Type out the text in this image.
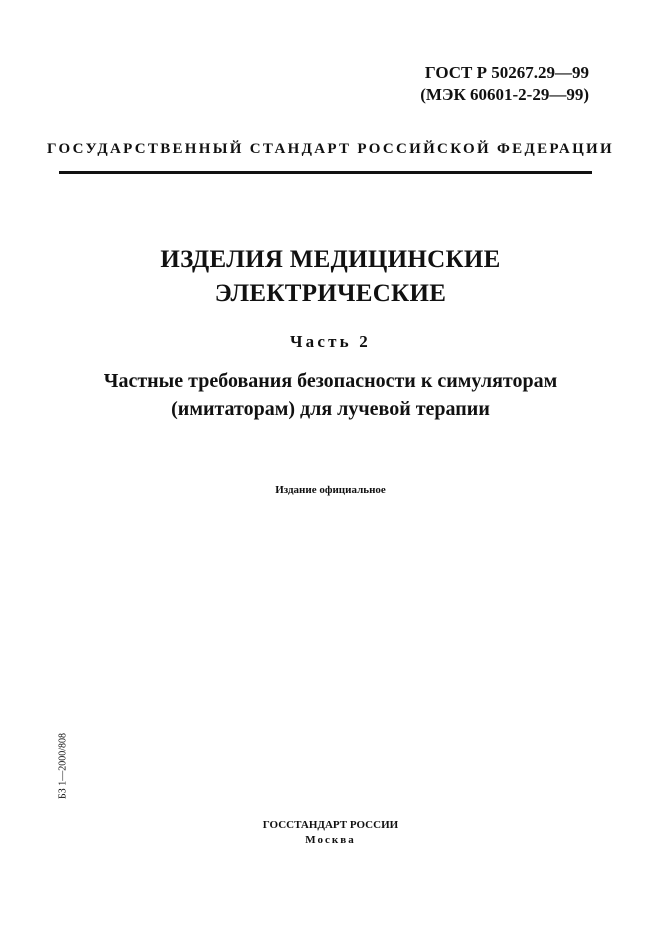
ГОСТ Р 50267.29—99
(МЭК 60601-2-29—99)
ГОСУДАРСТВЕННЫЙ СТАНДАРТ РОССИЙСКОЙ ФЕДЕРАЦИИ
ИЗДЕЛИЯ МЕДИЦИНСКИЕ
ЭЛЕКТРИЧЕСКИЕ
Часть 2
Частные требования безопасности к симуляторам
(имитаторам) для лучевой терапии
Издание официальное
БЗ 1—2000/808
ГОССТАНДАРТ РОССИИ
Москва
